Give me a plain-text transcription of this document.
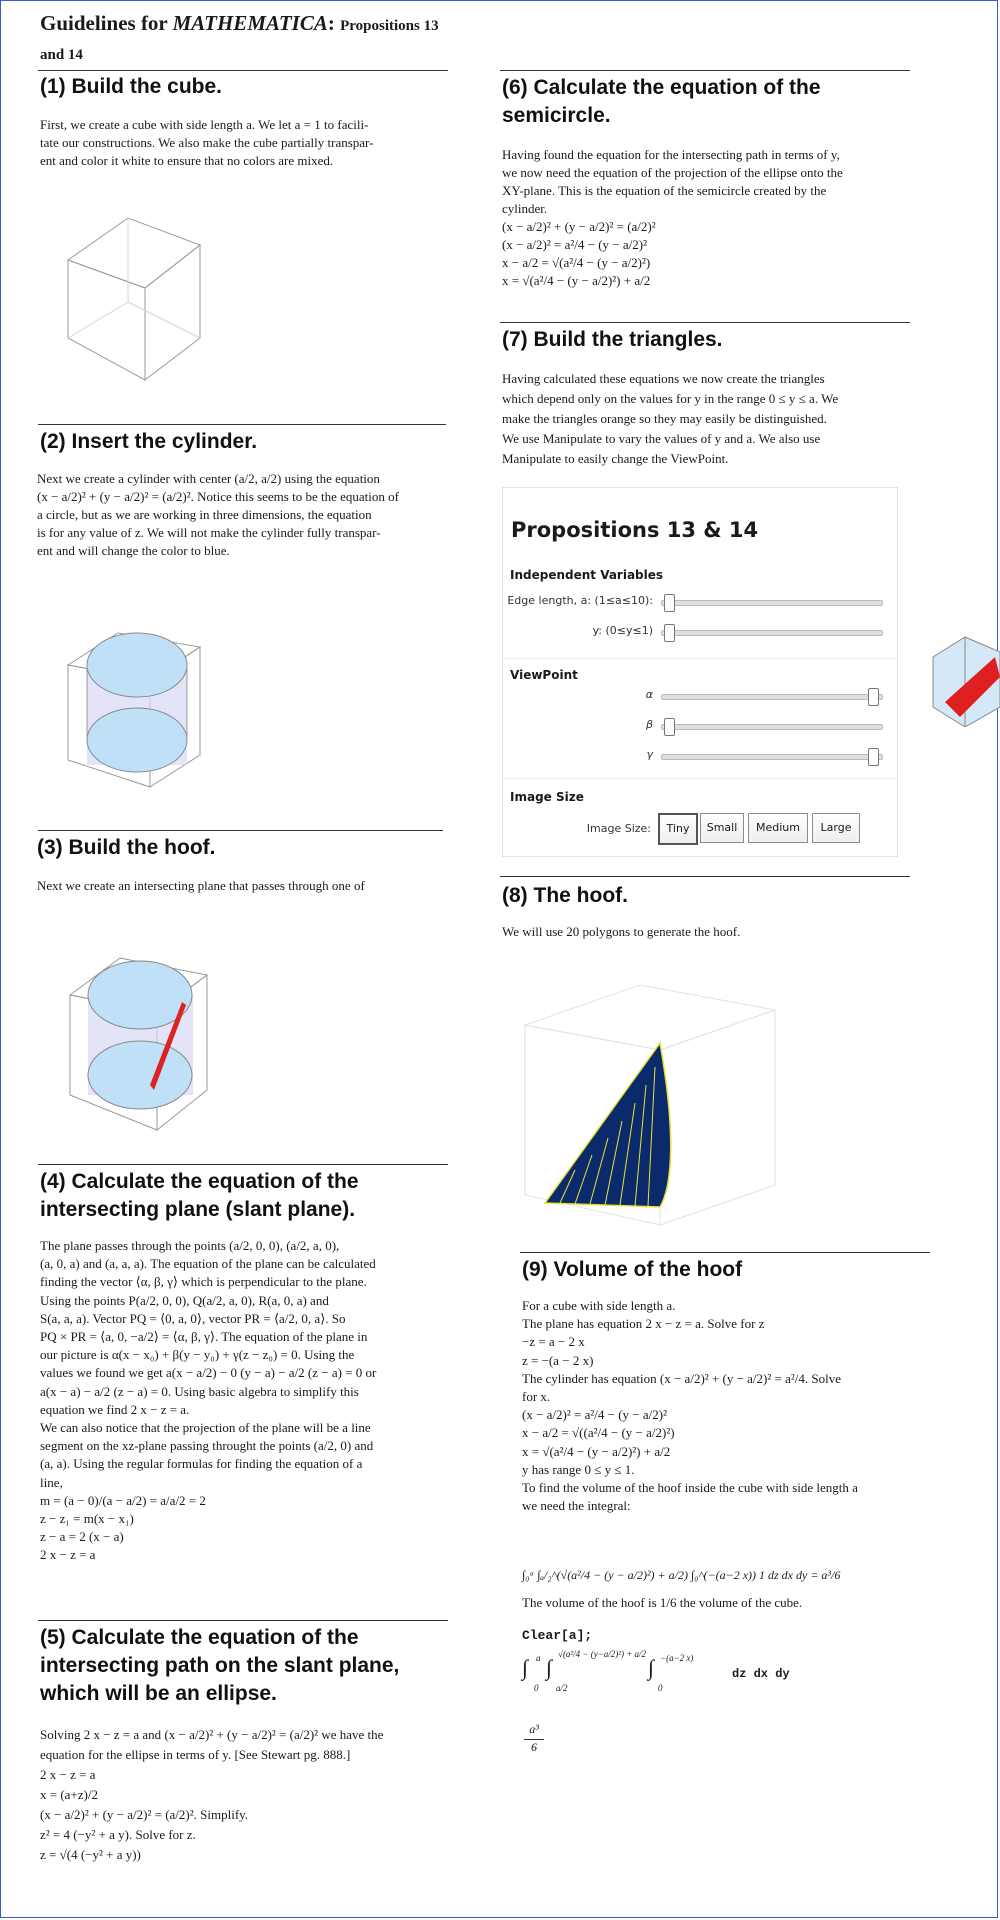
Guidelines for MATHEMATICA: Propositions 13
and 14
(1) Build the cube.
First, we create a cube with side length a. We let a = 1 to facili-
tate our constructions. We also make the cube partially transpar-
ent and color it white to ensure that no colors are mixed.
(2) Insert the cylinder.
Next we create a cylinder with center (a/2, a/2) using the equation
(x − a/2)² + (y − a/2)² = (a/2)². Notice this seems to be the equation of
a circle, but as we are working in three dimensions, the equation
is for any value of z. We will not make the cylinder fully transpar-
ent and will change the color to blue.
(3) Build the hoof.
Next we create an intersecting plane that passes through one of
(4) Calculate the equation of the
intersecting plane (slant plane).
The plane passes through the points (a/2, 0, 0), (a/2, a, 0),
(a, 0, a) and (a, a, a). The equation of the plane can be calculated
finding the vector ⟨α, β, γ⟩ which is perpendicular to the plane.
Using the points P(a/2, 0, 0), Q(a/2, a, 0), R(a, 0, a) and
S(a, a, a). Vector PQ = ⟨0, a, 0⟩, vector PR = ⟨a/2, 0, a⟩. So
PQ × PR = ⟨a, 0, −a/2⟩ = ⟨α, β, γ⟩. The equation of the plane in
our picture is α(x − x₀) + β(y − y₀) + γ(z − z₀) = 0. Using the
values we found we get a(x − a/2) − 0 (y − a) − a/2 (z − a) = 0 or
a(x − a) − a/2 (z − a) = 0. Using basic algebra to simplify this
equation we find 2 x − z = a.
We can also notice that the projection of the plane will be a line
segment on the xz-plane passing throught the points (a/2, 0) and
(a, a). Using the regular formulas for finding the equation of a
line,
m = (a − 0)/(a − a/2) = a/a/2 = 2
z − z₁ = m(x − x₁)
z − a = 2 (x − a)
2 x − z = a
(5) Calculate the equation of the
intersecting path on the slant plane,
which will be an ellipse.
Solving 2 x − z = a and (x − a/2)² + (y − a/2)² = (a/2)² we have the
equation for the ellipse in terms of y. [See Stewart pg. 888.]
2 x − z = a
x = (a+z)/2
(x − a/2)² + (y − a/2)² = (a/2)². Simplify.
z² = 4 (−y² + a y). Solve for z.
z = √(4 (−y² + a y))
(6) Calculate the equation of the
semicircle.
Having found the equation for the intersecting path in terms of y,
we now need the equation of the projection of the ellipse onto the
XY-plane. This is the equation of the semicircle created by the
cylinder.
(x − a/2)² + (y − a/2)² = (a/2)²
(x − a/2)² = a²/4 − (y − a/2)²
x − a/2 = √(a²/4 − (y − a/2)²)
x = √(a²/4 − (y − a/2)²) + a/2
(7) Build the triangles.
Having calculated these equations we now create the triangles
which depend only on the values for y in the range 0 ≤ y ≤ a. We
make the triangles orange so they may easily be distinguished.
We use Manipulate to vary the values of y and a. We also use
Manipulate to easily change the ViewPoint.
Propositions 13 & 14
Independent Variables
Edge length, a: (1≤a≤10):
y: (0≤y≤1)
ViewPoint
α
β
γ
Image Size
Image Size:	Tiny	Small	Medium	Large
(8) The hoof.
We will use 20 polygons to generate the hoof.
(9) Volume of the hoof
For a cube with side length a.
The plane has equation 2 x − z = a. Solve for z
−z = a − 2 x
z = −(a − 2 x)
The cylinder has equation (x − a/2)² + (y − a/2)² = a²/4. Solve
for x.
(x − a/2)² = a²/4 − (y − a/2)²
x − a/2 = √((a²/4 − (y − a/2)²)
x = √(a²/4 − (y − a/2)²) + a/2
y has range 0 ≤ y ≤ 1.
To find the volume of the hoof inside the cube with side length a
we need the integral:
∫₀ᵃ ∫ₐ/₂^(√(a²/4 − (y − a/2)²) + a/2) ∫₀^(−(a−2 x)) 1 dz dx dy = a³/6
The volume of the hoof is 1/6 the volume of the cube.
Clear[a];
∫ a
0
∫
√(a²/4 − (y−a/2)²) + a/2
a/2
∫ −(a−2 x)
0
dz dx dy
a³
6
